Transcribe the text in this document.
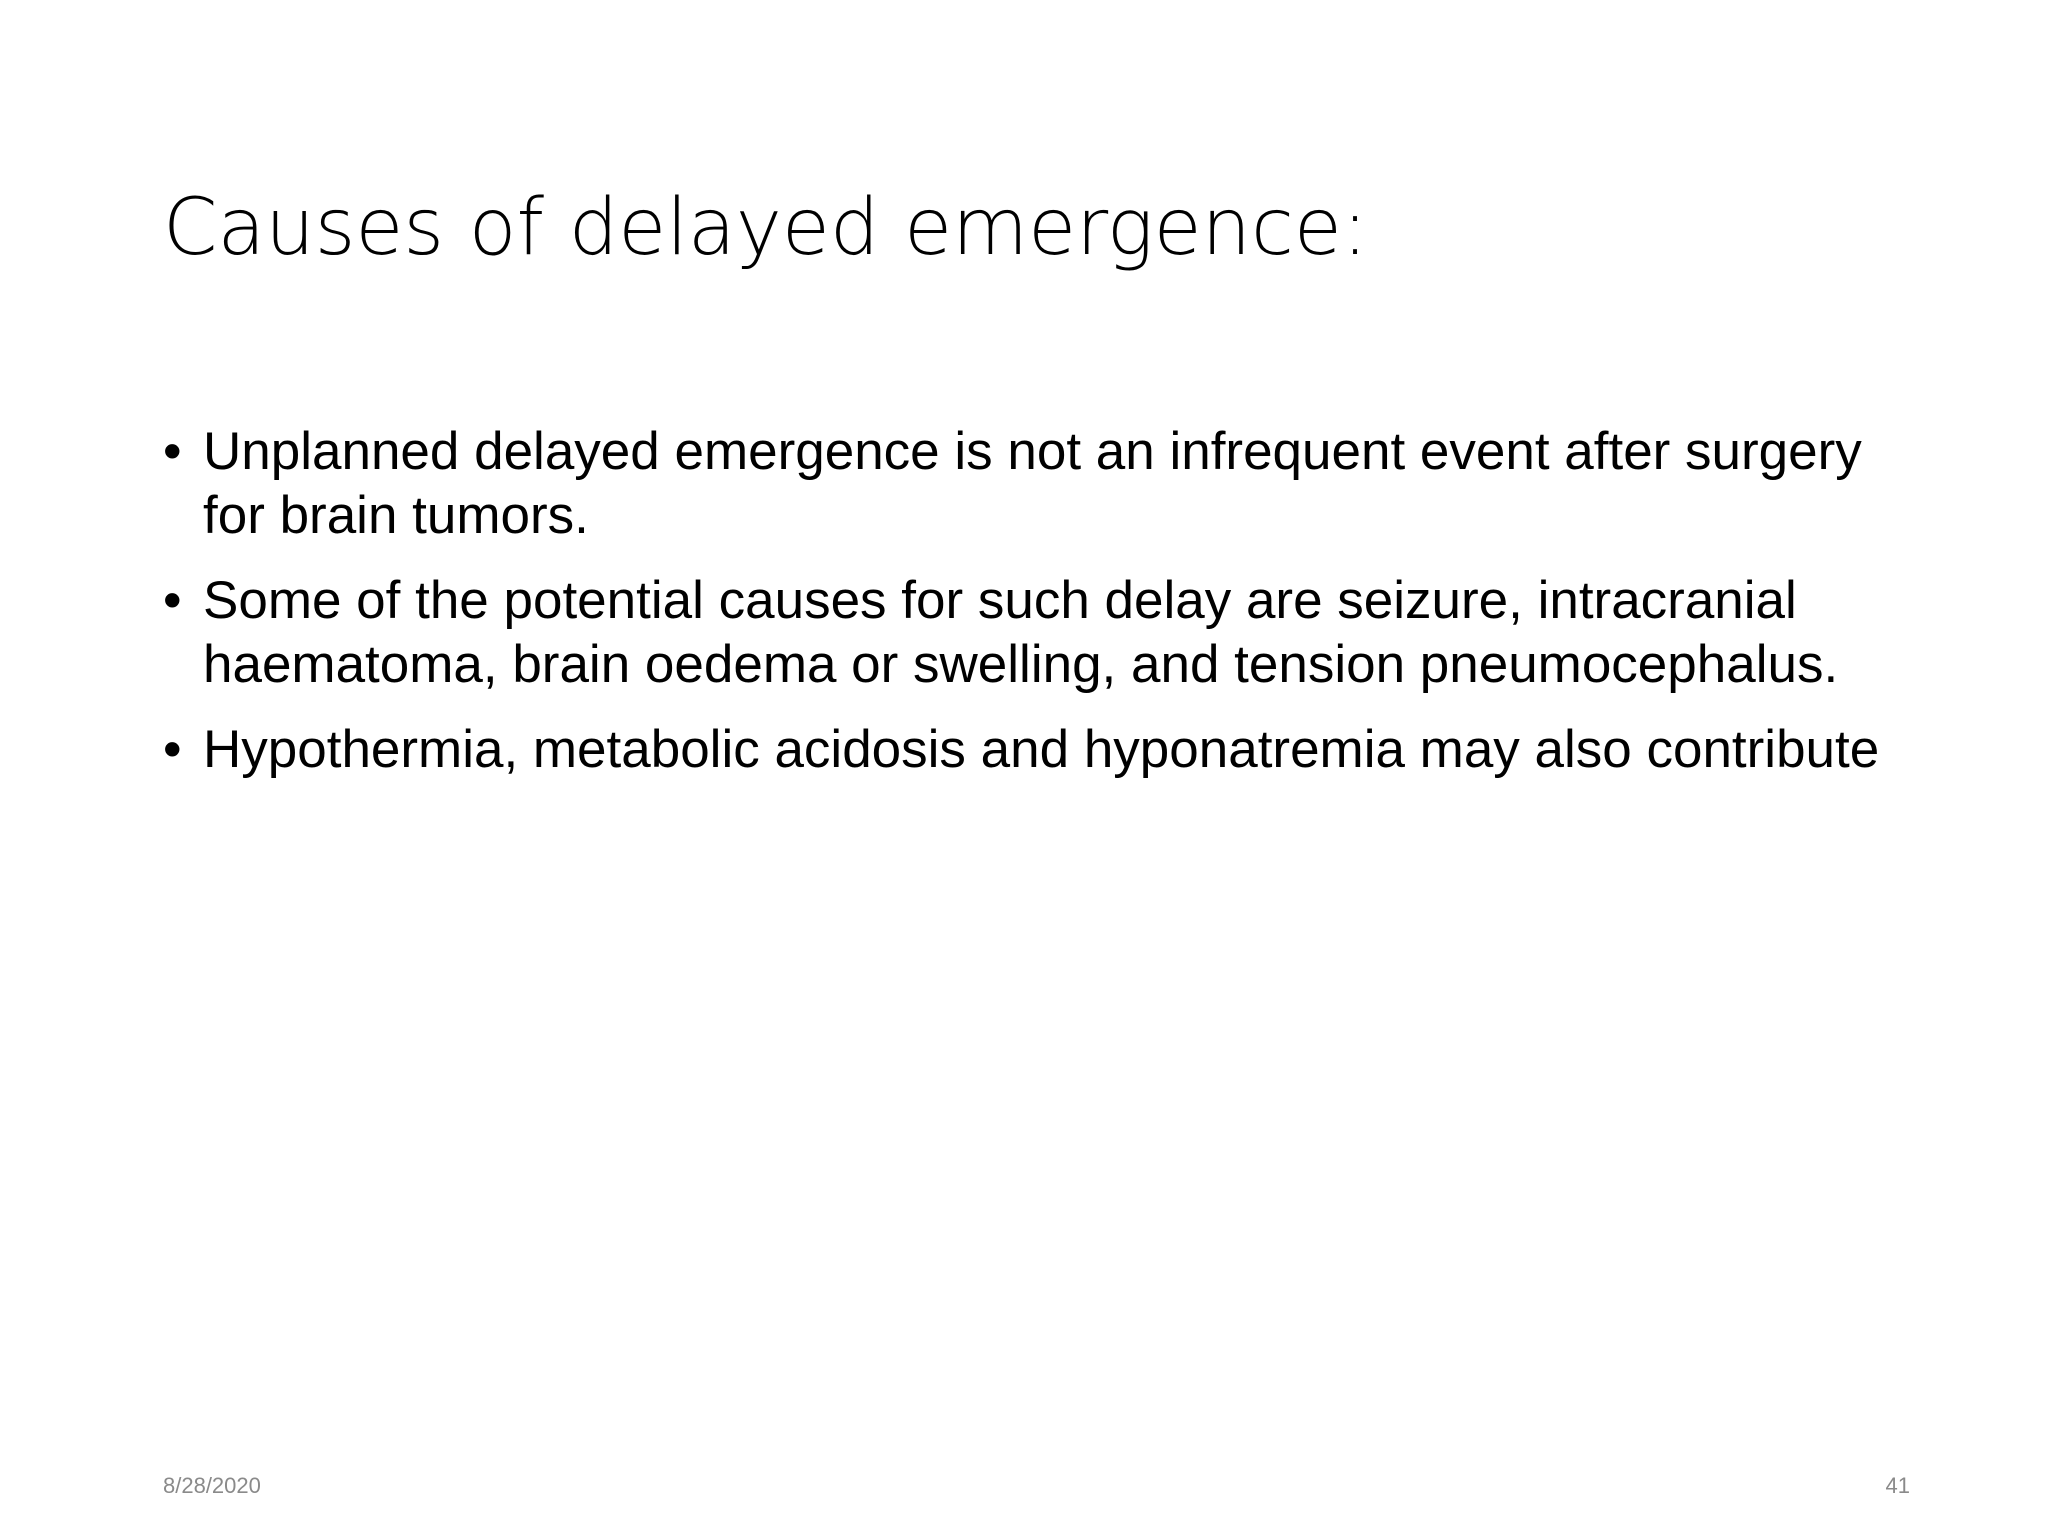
Causes of delayed emergence:
• Unplanned delayed emergence is not an infrequent event after surgery for brain tumors.
• Some of the potential causes for such delay are seizure, intracranial haematoma, brain oedema or swelling, and tension pneumocephalus.
• Hypothermia, metabolic acidosis and hyponatremia may also contribute
8/28/2020	41
